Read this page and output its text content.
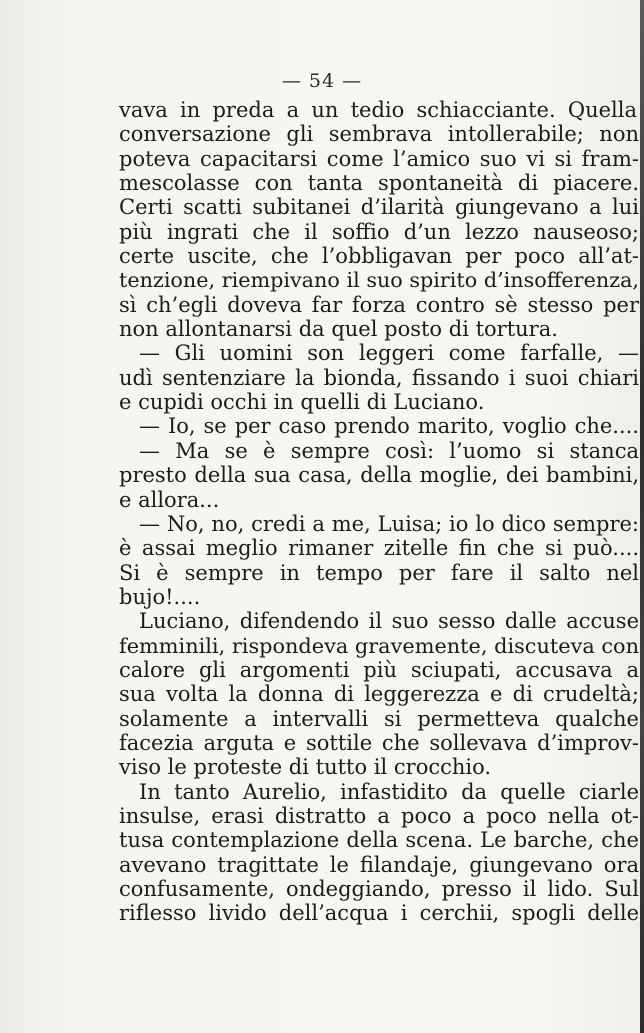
— 54 —
vava in preda a un tedio schiacciante. Quella
conversazione gli sembrava intollerabile; non
poteva capacitarsi come l’amico suo vi si fram-
mescolasse con tanta spontaneità di piacere.
Certi scatti subitanei d’ilarità giungevano a lui
più ingrati che il soffio d’un lezzo nauseoso;
certe uscite, che l’obbligavan per poco all’at-
tenzione, riempivano il suo spirito d’insofferenza,
sì ch’egli doveva far forza contro sè stesso per
non allontanarsi da quel posto di tortura.
— Gli uomini son leggeri come farfalle, —
udì sentenziare la bionda, fissando i suoi chiari
e cupidi occhi in quelli di Luciano.
— Io, se per caso prendo marito, voglio che....
— Ma se è sempre così: l’uomo si stanca
presto della sua casa, della moglie, dei bambini,
e allora...
— No, no, credi a me, Luisa; io lo dico sempre:
è assai meglio rimaner zitelle fin che si può....
Si è sempre in tempo per fare il salto nel
bujo!....
Luciano, difendendo il suo sesso dalle accuse
femminili, rispondeva gravemente, discuteva con
calore gli argomenti più sciupati, accusava a
sua volta la donna di leggerezza e di crudeltà;
solamente a intervalli si permetteva qualche
facezia arguta e sottile che sollevava d’improv-
viso le proteste di tutto il crocchio.
In tanto Aurelio, infastidito da quelle ciarle
insulse, erasi distratto a poco a poco nella ot-
tusa contemplazione della scena. Le barche, che
avevano tragittate le filandaje, giungevano ora
confusamente, ondeggiando, presso il lido. Sul
riflesso livido dell’acqua i cerchii, spogli delle
